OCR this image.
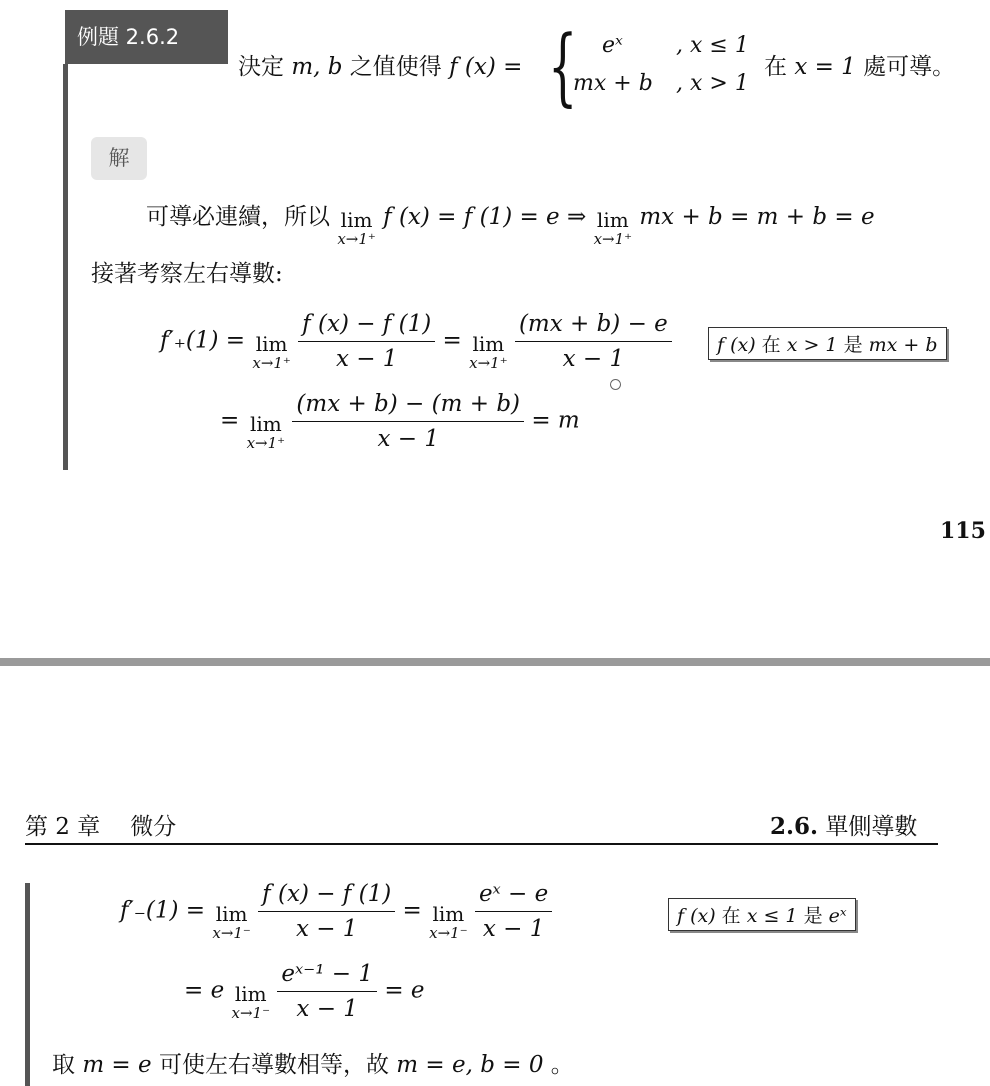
例題 2.6.2
決定 m, b 之值使得 f (x) = { eˣ , x ≤ 1
mx + b , x > 1
在 x = 1 處可導。
解
可導必連續，所以 lim
x→1⁺
f (x) = f (1) = e ⇒ lim
x→1⁺
mx + b = m + b = e
接著考察左右導數:
f′₊(1) = lim
x→1⁺
$\frac{f (x) - f (1)}{x - 1} = \lim$
x→1⁺
$\frac{(mx + b) - e}{x - 1}$	f (x) 在 x > 1 是 mx + b
= lim
x→1⁺
$\frac{(mx + b) - (m + b)}{x - 1} = m$
115
第 2 章 微分	2.6. 單側導數
f′₋(1) = lim
x→1⁻
$\frac{f (x) - f (1)}{x - 1} = \lim$
x→1⁻
$\frac{\text{eˣ − e}}{x - 1}$	f (x) 在 x ≤ 1 是 eˣ
= e lim
x→1⁻
$\frac{\text{eˣ⁻¹ − 1}}{x - 1} = e$
取 m = e 可使左右導數相等，故 m = e, b = 0 。
